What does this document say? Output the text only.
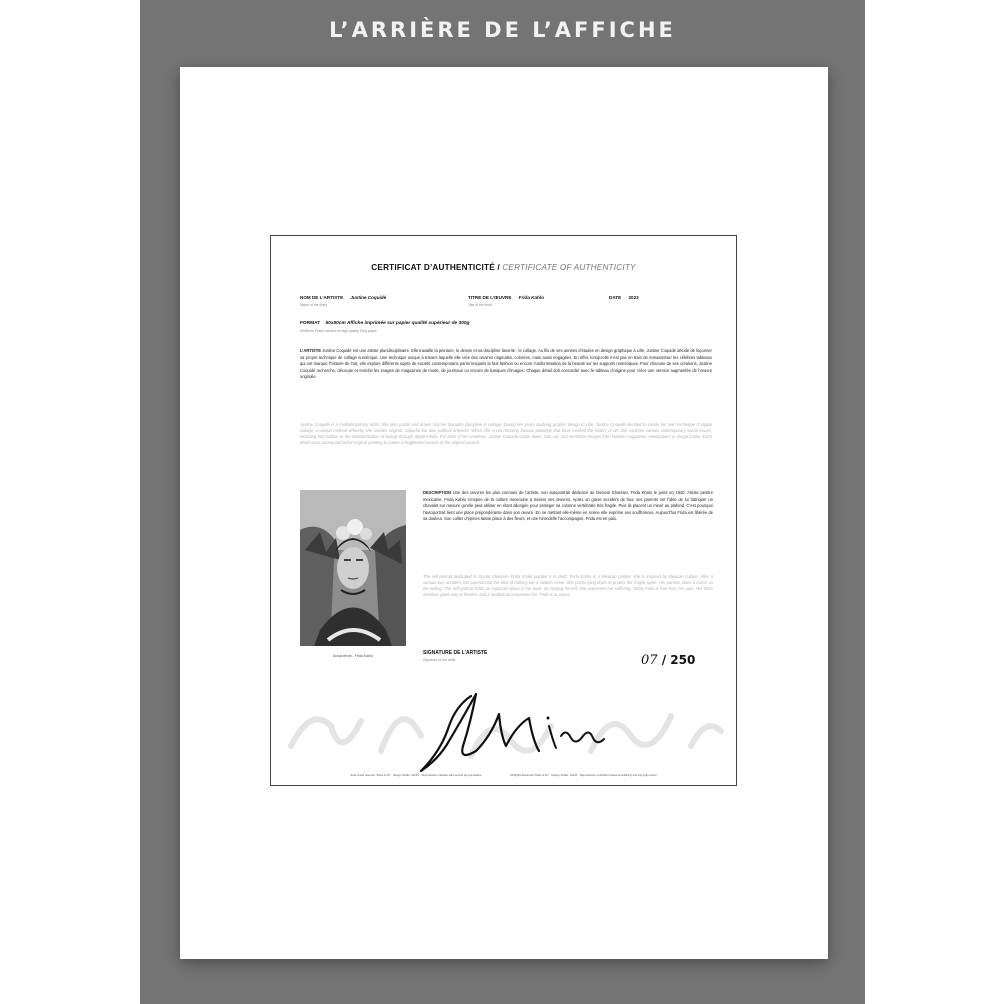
L’ARRIÈRE DE L’AFFICHE
CERTIFICAT D’AUTHENTICITÉ / CERTIFICATE OF AUTHENTICITY
NOM DE L’ARTISTE Justine Coquidé
Name of the Artist
TITRE DE L’ŒUVRE Frida Kahlo
Title of the work
DATE 2023
FORMAT 50x50cm Affiche imprimée sur papier qualité supérieur de 300g
50x50cm Poster printed on high quality 300g paper
L’ARTISTE Justine Coquidé est une artiste pluridisciplinaire. Elle travaille la peinture, le dessin et sa discipline favorite : le collage. Au fils de ses années d’études en design graphique à Lille, Justine Coquidé décide de façonner sa propre technique de collage numérique. Une technique unique à travers laquelle elle crée des œuvres originales, colorées, mais aussi engagées. En effet, lorsqu’elle n’est pas en train de remasteriser les célèbres tableaux qui ont marqué l’histoire de l’art, elle explore différents sujets de société contemporains parmi lesquels la fast fashion ou encore l’uniformisation de la beauté sur les supports numériques. Pour chacune de ses créations, Justine Coquidé recherche, découpe et enrichit les images de magazines de mode, de journaux ou encore de banques d’images. Chaque détail doit concorder avec le tableau d’origine pour créer une version augmentée de l’œuvre originale.
Justine Coquidé is a multidisciplinary artist. She also paints and draws, but her favourite discipline is collage. During her years studying graphic design in Lille, Justine Coquidé decided to create her own technique of digital collage; a unique method whereby she creates original, colourful but also political artworks. When she is not remixing famous paintings that have marked the history of art, she explores various contemporary social issues, including fast fashion or the standardisation of beauty through digital media. For each of her creations, Justine Coquidé tracks down, cuts out, and enhances images from fashion magazines, newspapers or image banks. Each detail must correspond to the original painting to create a heightened version of the original artwork.
Autoportrait - Frida Kahlo
DESCRIPTION Une des œuvres les plus connues de l’artiste, son autoportrait dédicacé au Docteur Eloesser, Frida Khalo le peint en 1940. Artiste peintre mexicaine, Frida Kahlo s’inspire de la culture mexicaine à travers ses œuvres. Après un grave accident de bus, ses parents ont l’idée de lui fabriquer un chevalet sur mesure qu’elle peut utiliser en étant allongée pour protéger sa colonne vertébrale très fragile. Puis ils placent un miroir au plafond. C’est pourquoi l’autoportrait tient une place prépondérante dans son œuvre. En se mettant elle-même en scène elle exprime ses souffrances. Aujourd’hui Frida est libérée de sa douleur. Son collier d’épines laisse place à des fleurs, et une hirondelle l’accompagne, Frida est en paix.
The self-portrait dedicated to Doctor Eloesser. Frida Khalo painted it in 1940. Frida Kahlo is a Mexican painter, she is inspired by Mexican culture. After a serious bus accident, her parents had the idea of making her a custom easel. She paints lying down to protect her fragile spine. Her parents place a mirror on the ceiling. The self-portrait holds an important place in her work. By staging herself, she expresses her suffering. Today Frida is free from her pain. Her thorn necklace gives way to flowers, and a swallow accompanies her. Frida is at peace.
SIGNATURE DE L’ARTISTE
Signature of the artist	07 / 250
Toute droits réservés "Paris is Art" · Design Studio, 2023® · Reproduction interdite sans accord du propriétaire	All Rights Reserved "Paris is Art" · Design Studio, 2023® · Reproduction prohibited unless permitted by the copyright owner
